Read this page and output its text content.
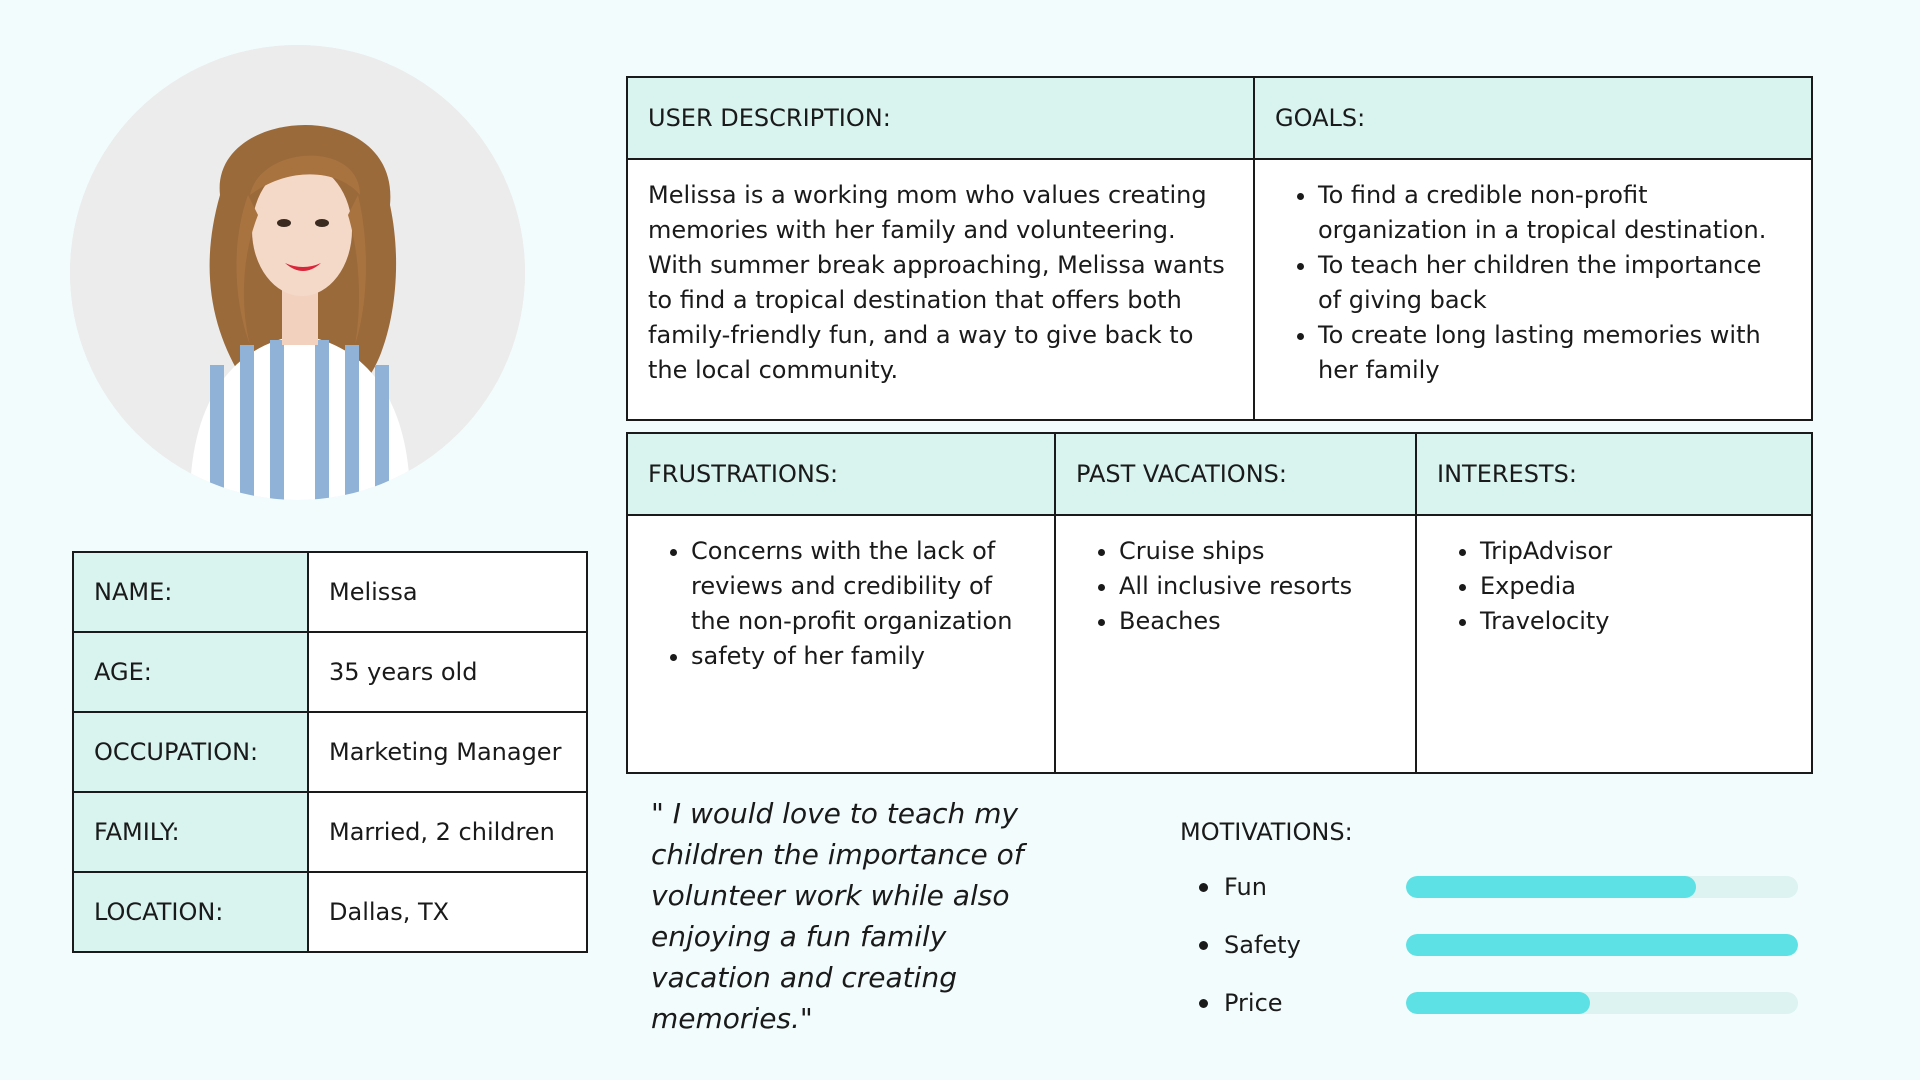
NAME:	Melissa
AGE:	35 years old
OCCUPATION:	Marketing Manager
FAMILY:	Married, 2 children
LOCATION:	Dallas, TX
USER DESCRIPTION:
Melissa is a working mom who values creating memories with her family and volunteering. With summer break approaching, Melissa wants to find a tropical destination that offers both family-friendly fun, and a way to give back to the local community.
GOALS:
• To find a credible non-profit organization in a tropical destination.
• To teach her children the importance of giving back
• To create long lasting memories with her family
FRUSTRATIONS:
• Concerns with the lack of reviews and credibility of the non-profit organization
• safety of her family
PAST VACATIONS:
• Cruise ships
• All inclusive resorts
• Beaches
INTERESTS:
• TripAdvisor
• Expedia
• Travelocity
" I would love to teach my children the importance of volunteer work while also enjoying a fun family vacation and creating memories."
MOTIVATIONS:
Fun
Safety
Price
